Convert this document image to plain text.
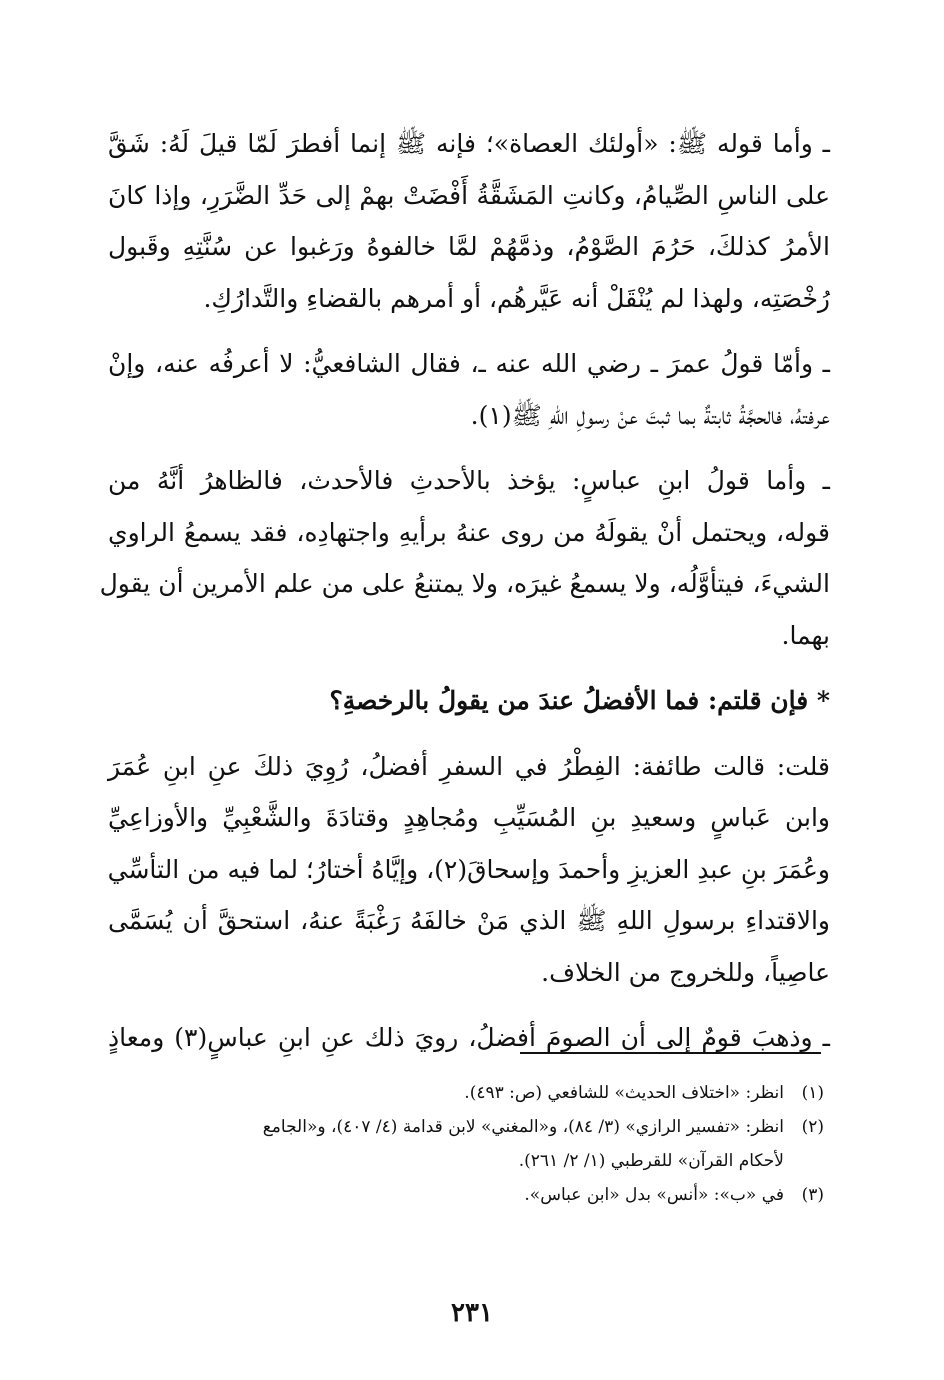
ـ وأما قوله ﷺ: «أولئك العصاة»؛ فإنه ﷺ إنما أفطرَ لَمّا قيلَ لَهُ: شَقَّ
على الناسِ الصِّيامُ، وكانتِ المَشَقَّةُ أَفْضَتْ بهمْ إلى حَدِّ الضَّرَرِ، وإذا كانَ
الأمرُ كذلكَ، حَرُمَ الصَّوْمُ، وذمَّهُمْ لمَّا خالفوهُ ورَغبوا عن سُنَّتِهِ وقَبول
رُخْصَتِه، ولهذا لم يُنْقَلْ أنه عَيَّرهُم، أو أمرهم بالقضاءِ والتَّدارُكِ.
ـ وأمّا قولُ عمرَ ـ رضي الله عنه ـ، فقال الشافعيُّ: لا أعرفُه عنه، وإنْ
عرفتهُ، فالحجَّةُ ثابتةٌ بما ثبتَ عنْ رسولِ اللهِ ﷺ(١).
ـ وأما قولُ ابنِ عباسٍ: يؤخذ بالأحدثِ فالأحدث، فالظاهرُ أنَّهُ من
قوله، ويحتمل أنْ يقولَهُ من روى عنهُ برأيهِ واجتهادِه، فقد يسمعُ الراوي
الشيءَ، فيتأوَّلُه، ولا يسمعُ غيرَه، ولا يمتنعُ على من علم الأمرين أن يقول
بهما.
* فإن قلتم: فما الأفضلُ عندَ من يقولُ بالرخصةِ؟
قلت: قالت طائفة: الفِطْرُ في السفرِ أفضلُ، رُوِيَ ذلكَ عنِ ابنِ عُمَرَ
وابن عَباسٍ وسعيدِ بنِ المُسَيِّبِ ومُجاهِدٍ وقتادَةَ والشَّعْبِيِّ والأوزاعِيِّ
وعُمَرَ بنِ عبدِ العزيزِ وأحمدَ وإسحاقَ(٢)، وإيَّاهُ أختارُ؛ لما فيه من التأسِّي
والاقتداءِ برسولِ اللهِ ﷺ الذي مَنْ خالفَهُ رَغْبَةً عنهُ، استحقَّ أن يُسَمَّى
عاصِياً، وللخروج من الخلاف.
ـ وذهبَ قومٌ إلى أن الصومَ أفضلُ، رويَ ذلك عنِ ابنِ عباسٍ(٣) ومعاذٍ
(١)
انظر: «اختلاف الحديث» للشافعي (ص: ٤٩٣).
(٢)
انظر: «تفسير الرازي» (٣/ ٨٤)، و«المغني» لابن قدامة (٤/ ٤٠٧)، و«الجامع
لأحكام القرآن» للقرطبي (١/ ٢/ ٢٦١).
(٣)
في «ب»: «أنس» بدل «ابن عباس».
٢٣١
